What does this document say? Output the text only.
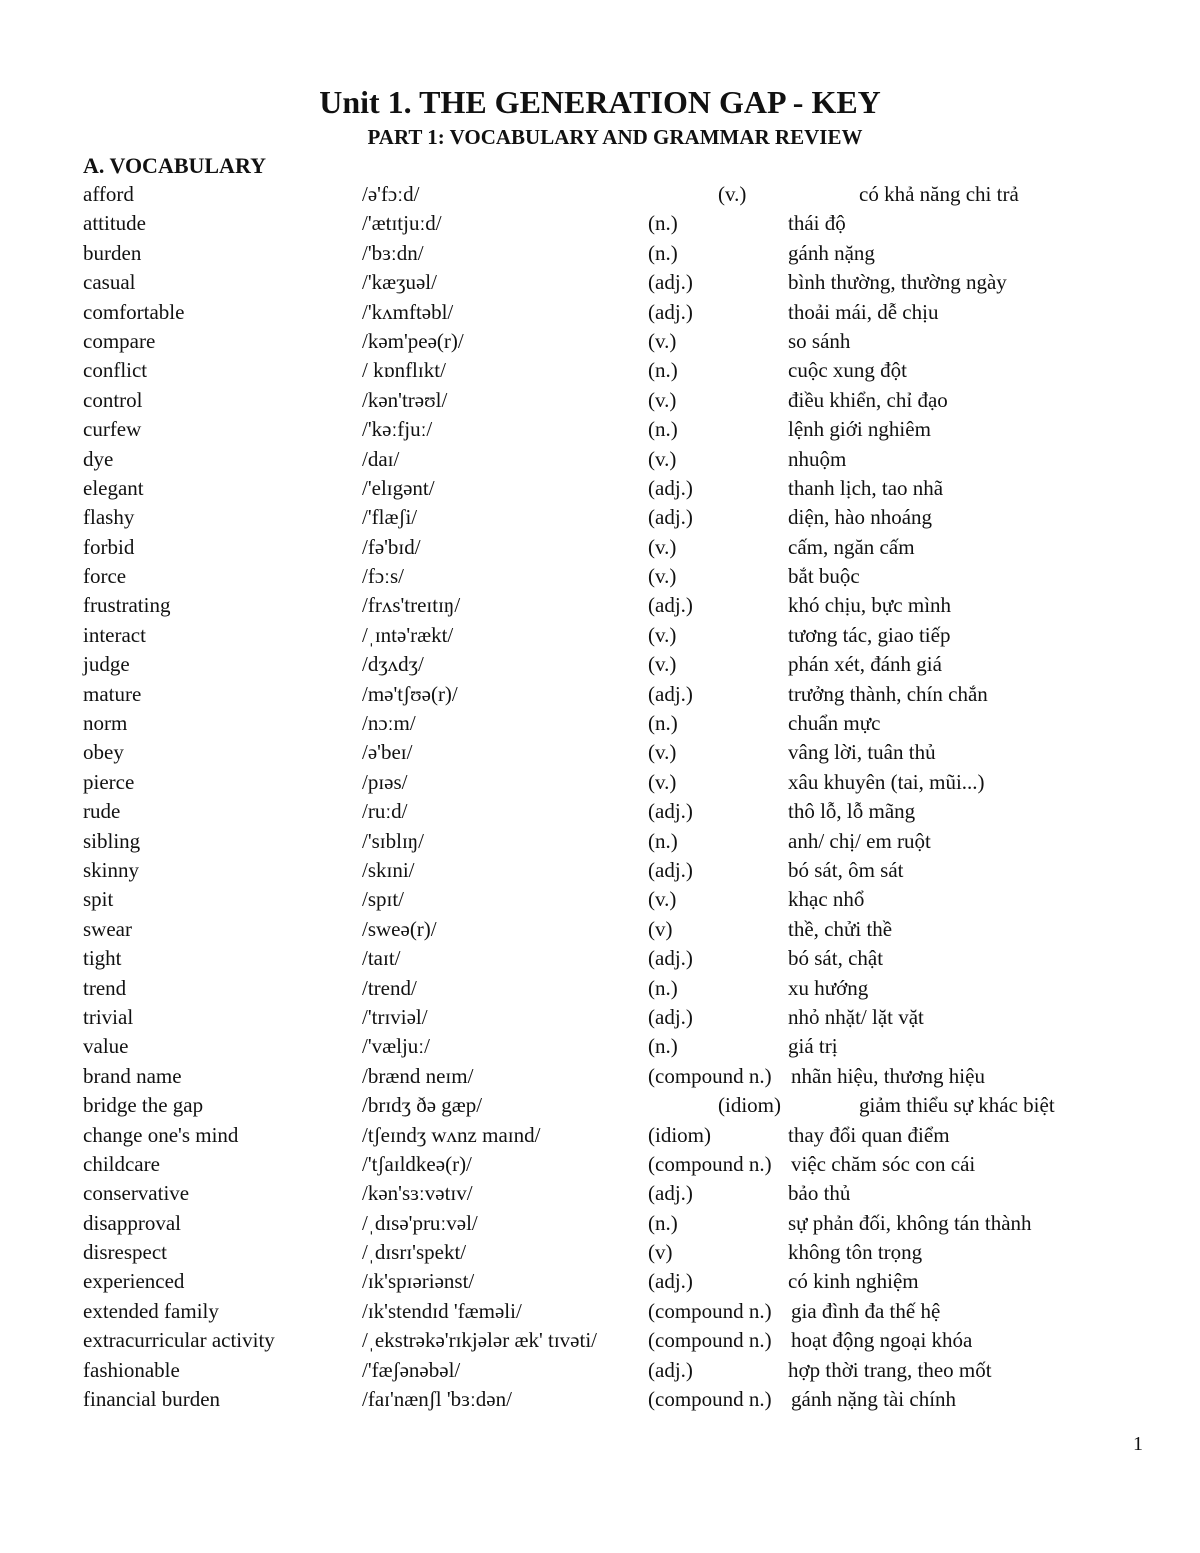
Unit 1. THE GENERATION GAP - KEY
PART 1: VOCABULARY AND GRAMMAR REVIEW
A. VOCABULARY
afford	/ə'fɔːd/	(v.)	có khả năng chi trả
attitude	/'ætɪtjuːd/	(n.)	thái độ
burden	/'bɜːdn/	(n.)	gánh nặng
casual	/'kæʒuəl/	(adj.)	bình thường, thường ngày
comfortable	/'kʌmftəbl/	(adj.)	thoải mái, dễ chịu
compare	/kəm'peə(r)/	(v.)	so sánh
conflict	/ kɒnflɪkt/	(n.)	cuộc xung đột
control	/kən'trəʊl/	(v.)	điều khiển, chỉ đạo
curfew	/'kəːfjuː/	(n.)	lệnh giới nghiêm
dye	/daɪ/	(v.)	nhuộm
elegant	/'elɪgənt/	(adj.)	thanh lịch, tao nhã
flashy	/'flæʃi/	(adj.)	diện, hào nhoáng
forbid	/fə'bɪd/	(v.)	cấm, ngăn cấm
force	/fɔːs/	(v.)	bắt buộc
frustrating	/frʌs'treɪtɪŋ/	(adj.)	khó chịu, bực mình
interact	/ˌɪntə'rækt/	(v.)	tương tác, giao tiếp
judge	/dʒʌdʒ/	(v.)	phán xét, đánh giá
mature	/mə'tʃʊə(r)/	(adj.)	trưởng thành, chín chắn
norm	/nɔːm/	(n.)	chuẩn mực
obey	/ə'beɪ/	(v.)	vâng lời, tuân thủ
pierce	/pɪəs/	(v.)	xâu khuyên (tai, mũi...)
rude	/ruːd/	(adj.)	thô lỗ, lỗ mãng
sibling	/'sɪblɪŋ/	(n.)	anh/ chị/ em ruột
skinny	/skɪni/	(adj.)	bó sát, ôm sát
spit	/spɪt/	(v.)	khạc nhổ
swear	/sweə(r)/	(v)	thề, chửi thề
tight	/taɪt/	(adj.)	bó sát, chật
trend	/trend/	(n.)	xu hướng
trivial	/'trɪviəl/	(adj.)	nhỏ nhặt/ lặt vặt
value	/'væljuː/	(n.)	giá trị
brand name	/brænd neɪm/	(compound n.) nhãn hiệu, thương hiệu
bridge the gap	/brɪdʒ ðə gæp/	(idiom)	giảm thiểu sự khác biệt
change one's mind	/tʃeɪndʒ wʌnz maɪnd/	(idiom)	thay đổi quan điểm
childcare	/'tʃaɪldkeə(r)/	(compound n.) việc chăm sóc con cái
conservative	/kən'sɜːvətɪv/	(adj.)	bảo thủ
disapproval	/ˌdɪsə'pruːvəl/	(n.)	sự phản đối, không tán thành
disrespect	/ˌdɪsrɪ'spekt/	(v)	không tôn trọng
experienced	/ɪk'spɪəriənst/	(adj.)	có kinh nghiệm
extended family	/ɪk'stendɪd 'fæməli/	(compound n.) gia đình đa thế hệ
extracurricular activity	/ˌekstrəkə'rɪkjələr æk' tɪvəti/ (compound n.) hoạt động ngoại khóa
fashionable	/'fæʃənəbəl/	(adj.)	hợp thời trang, theo mốt
financial burden	/faɪ'nænʃl 'bɜːdən/	(compound n.) gánh nặng tài chính
1
